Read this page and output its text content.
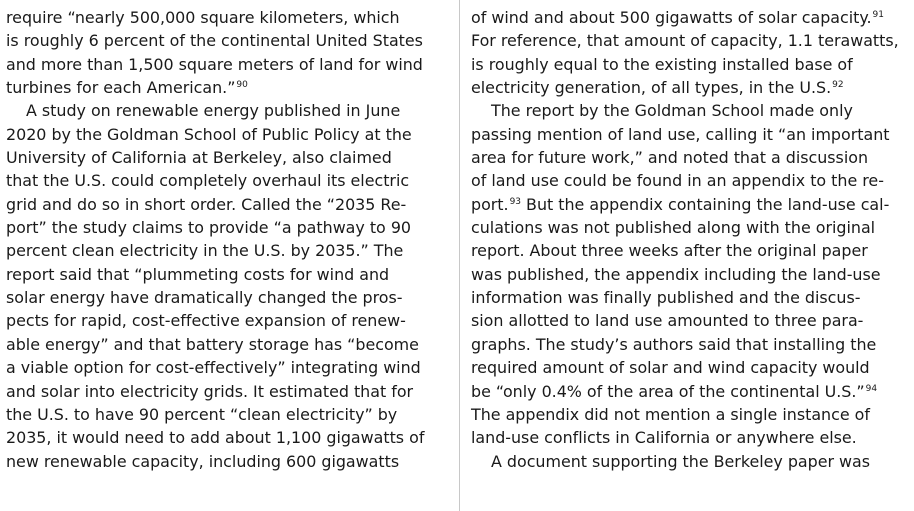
require “nearly 500,000 square kilometers, which
is roughly 6 percent of the continental United States
and more than 1,500 square meters of land for wind
turbines for each American.”$^{90}$
A study on renewable energy published in June
2020 by the Goldman School of Public Policy at the
University of California at Berkeley, also claimed
that the U.S. could completely overhaul its electric
grid and do so in short order. Called the “2035 Re-
port” the study claims to provide “a pathway to 90
percent clean electricity in the U.S. by 2035.” The
report said that “plummeting costs for wind and
solar energy have dramatically changed the pros-
pects for rapid, cost-effective expansion of renew-
able energy” and that battery storage has “become
a viable option for cost-effectively” integrating wind
and solar into electricity grids. It estimated that for
the U.S. to have 90 percent “clean electricity” by
2035, it would need to add about 1,100 gigawatts of
new renewable capacity, including 600 gigawatts
of wind and about 500 gigawatts of solar capacity.$^{91}$
For reference, that amount of capacity, 1.1 terawatts,
is roughly equal to the existing installed base of
electricity generation, of all types, in the U.S.$^{92}$
The report by the Goldman School made only
passing mention of land use, calling it “an important
area for future work,” and noted that a discussion
of land use could be found in an appendix to the re-
port.$^{93}$ But the appendix containing the land-use cal-
culations was not published along with the original
report. About three weeks after the original paper
was published, the appendix including the land-use
information was finally published and the discus-
sion allotted to land use amounted to three para-
graphs. The study’s authors said that installing the
required amount of solar and wind capacity would
be “only 0.4% of the area of the continental U.S.”$^{94}$
The appendix did not mention a single instance of
land-use conflicts in California or anywhere else.
A document supporting the Berkeley paper was
